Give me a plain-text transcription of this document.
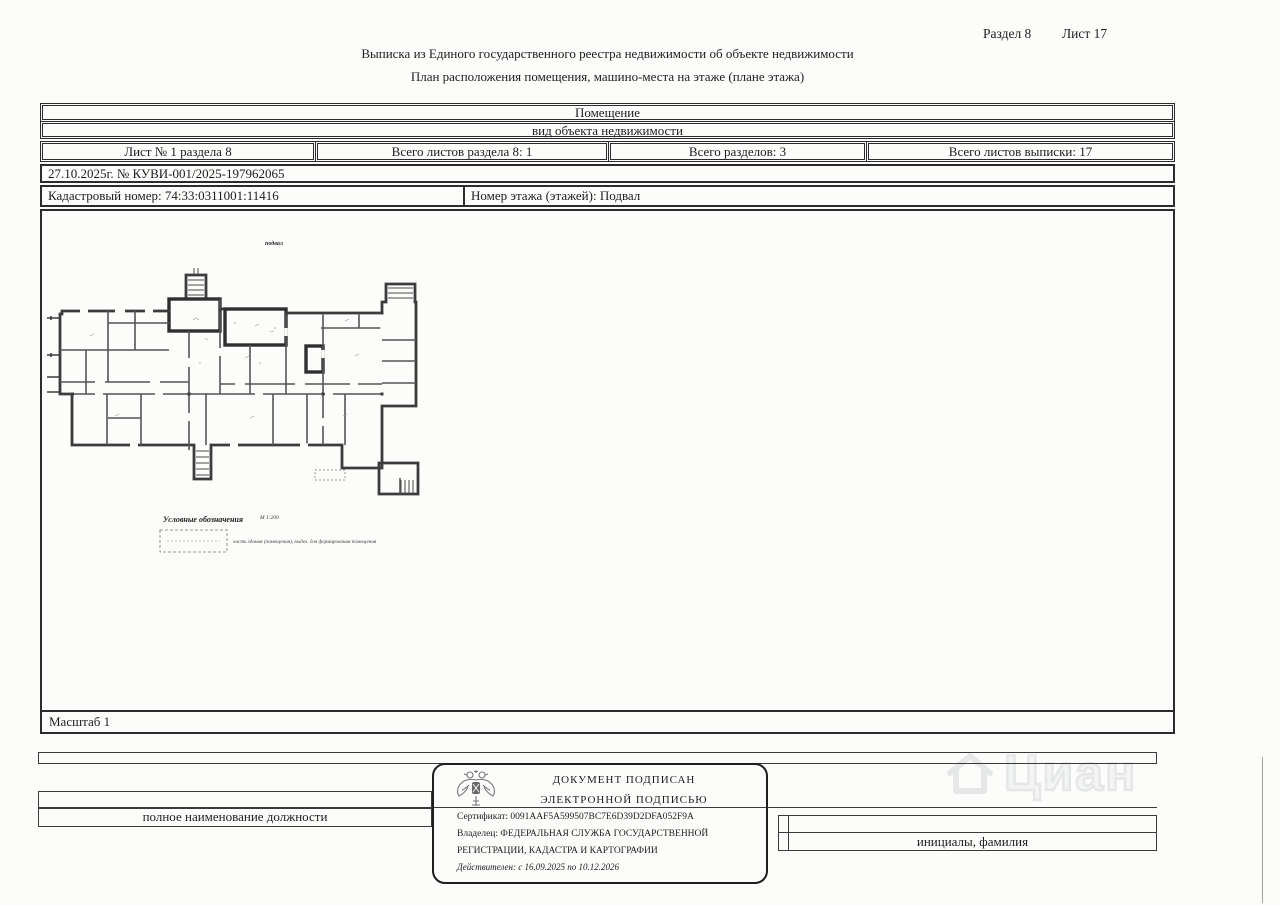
Раздел 8 Лист 17
Выписка из Единого государственного реестра недвижимости об объекте недвижимости
План расположения помещения, машино-места на этаже (плане этажа)
Помещение
вид объекта недвижимости
Лист № 1 раздела 8	Всего листов раздела 8: 1	Всего разделов: 3	Всего листов выписки: 17
27.10.2025г. № КУВИ-001/2025-197962065
Кадастровый номер: 74:33:0311001:11416	Номер этажа (этажей): Подвал
Масштаб 1
подвал
Условные обозначения	М 1:200
часть здания (помещения), выдел. для формирования помещения
Циан
полное наименование должности
инициалы, фамилия
ДОКУМЕНТ ПОДПИСАН
ЭЛЕКТРОННОЙ ПОДПИСЬЮ
Сертификат: 0091AAF5A599507BC7E6D39D2DFA052F9A
Владелец: ФЕДЕРАЛЬНАЯ СЛУЖБА ГОСУДАРСТВЕННОЙ
РЕГИСТРАЦИИ, КАДАСТРА И КАРТОГРАФИИ
Действителен: с 16.09.2025 по 10.12.2026
